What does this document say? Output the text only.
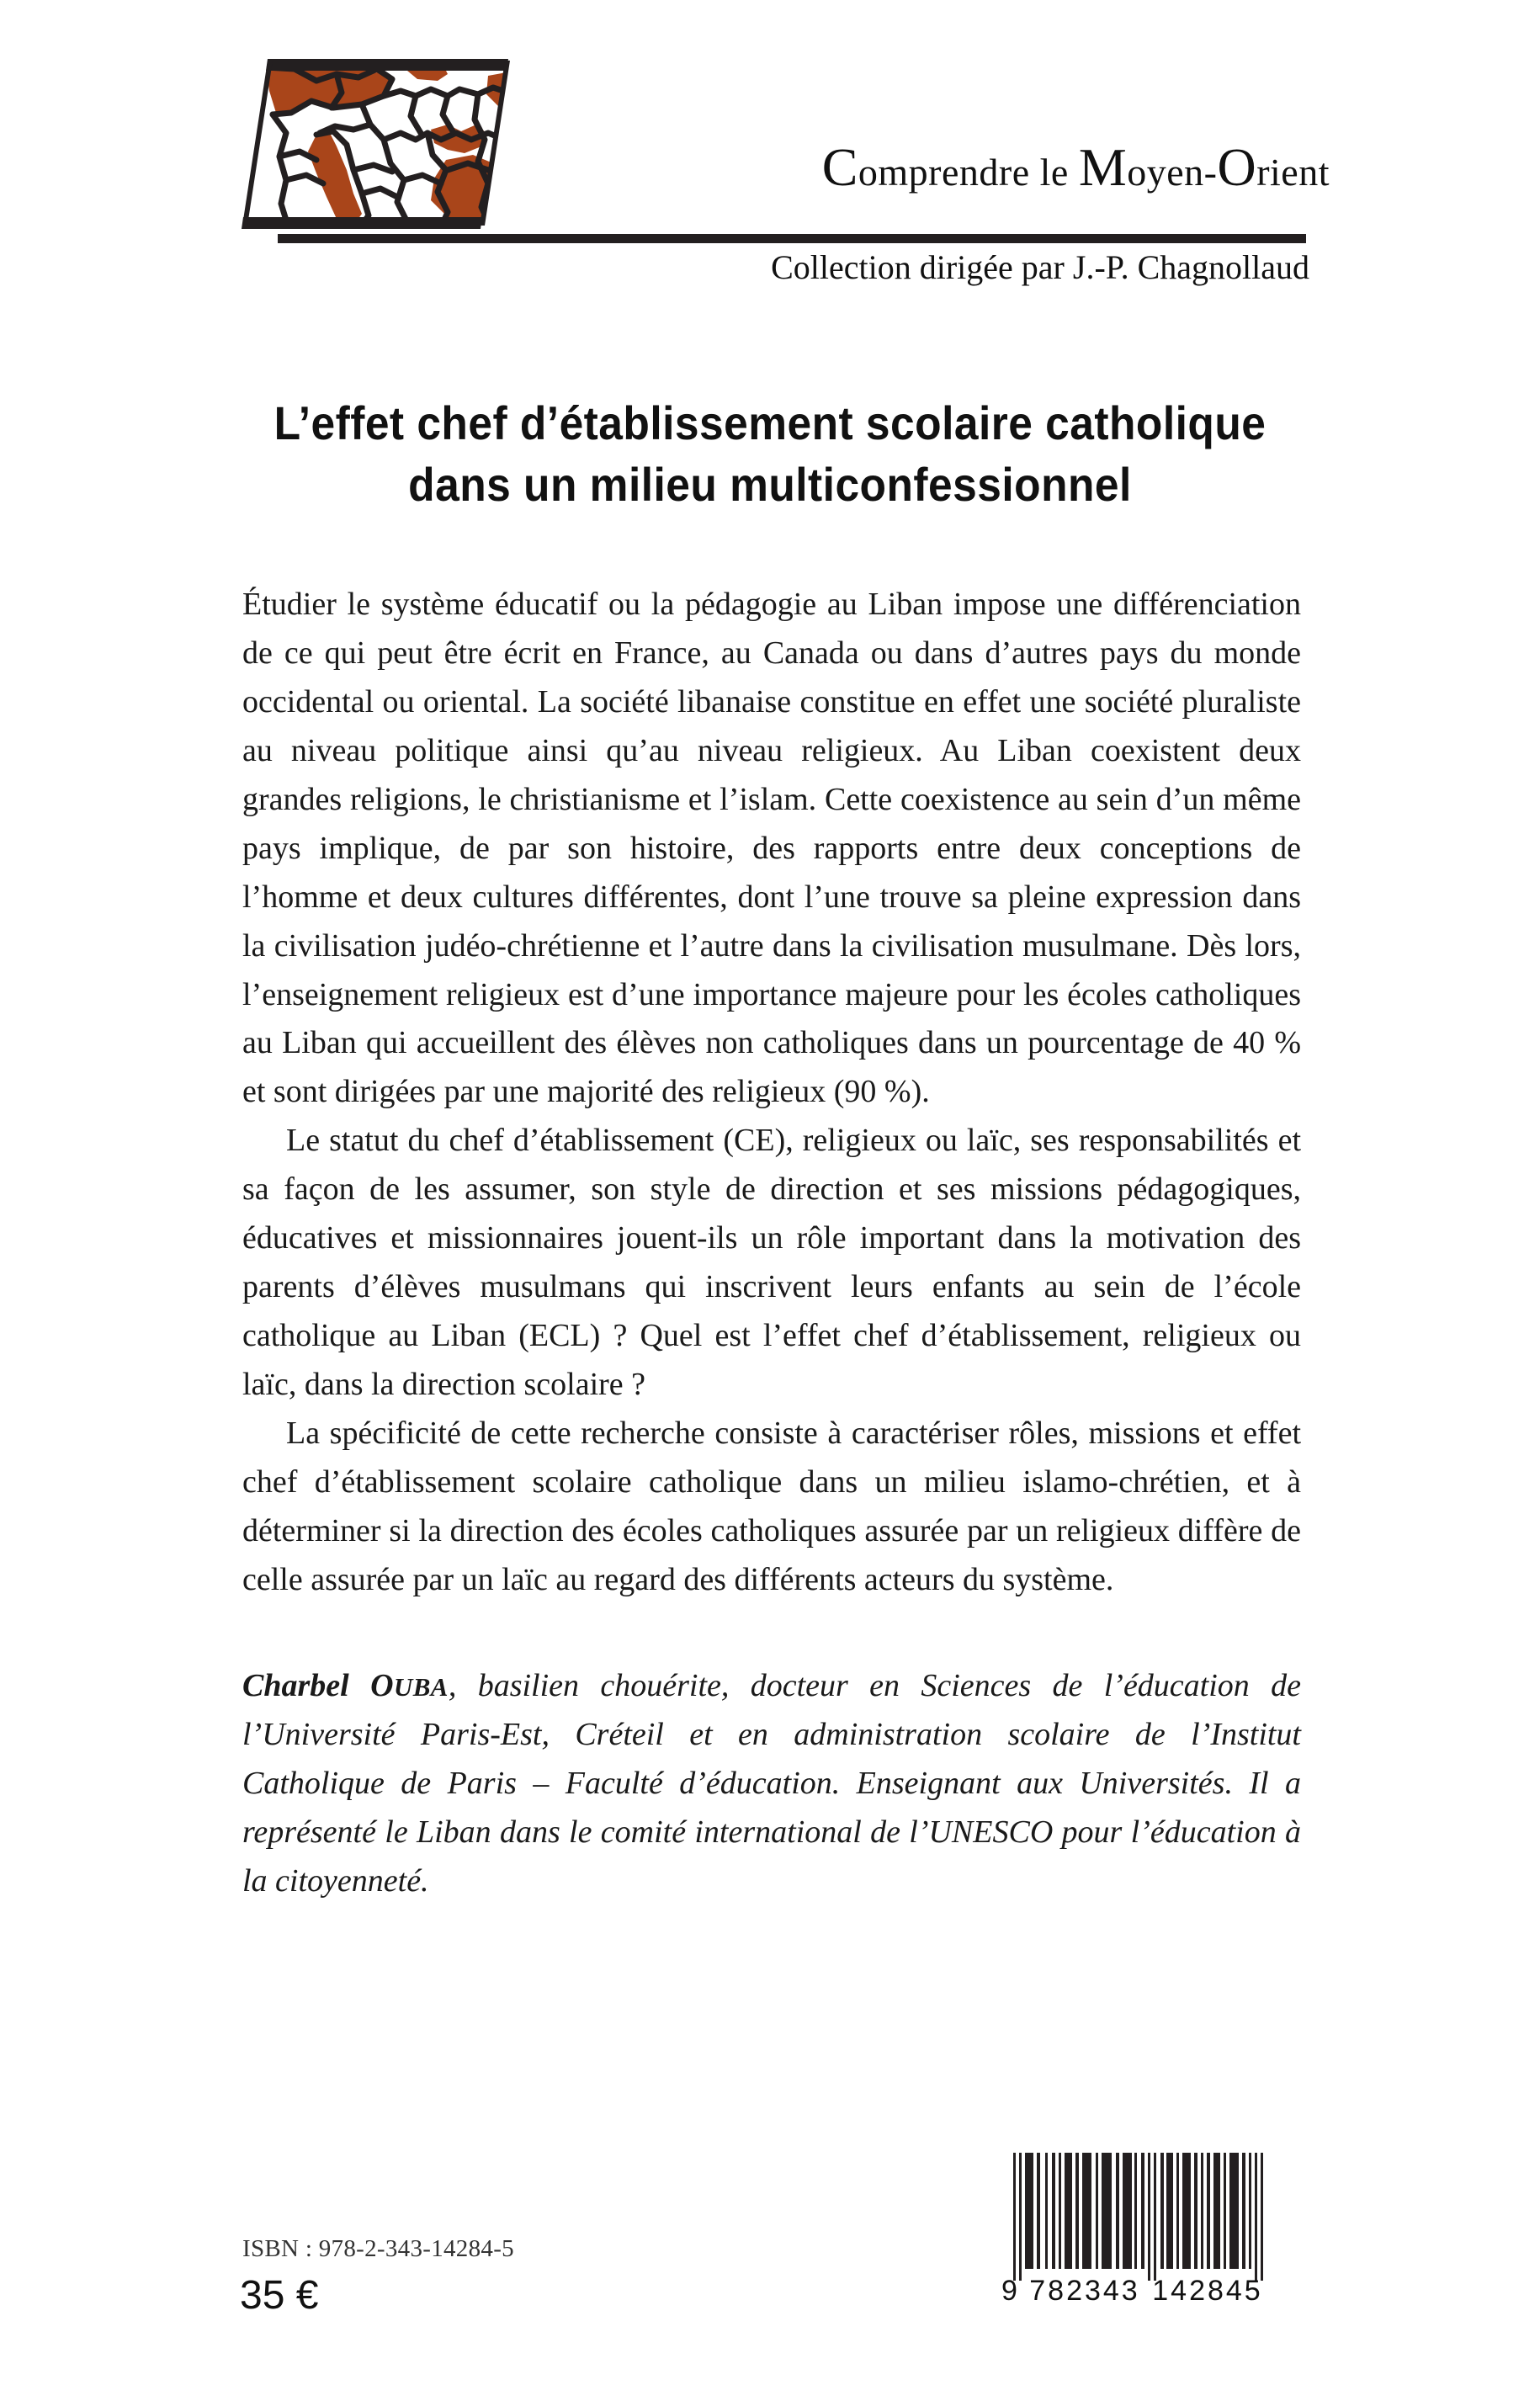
Comprendre le Moyen-Orient
Collection dirigée par J.-P. Chagnollaud
L’effet chef d’établissement scolaire catholique
dans un milieu multiconfessionnel

Étudier le système éducatif ou la pédagogie au Liban impose une différenciation de ce qui peut être écrit en France, au Canada ou dans d’autres pays du monde occidental ou oriental. La société libanaise constitue en effet une société pluraliste au niveau politique ainsi qu’au niveau religieux. Au Liban coexistent deux grandes religions, le christianisme et l’islam. Cette coexistence au sein d’un même pays implique, de par son histoire, des rapports entre deux conceptions de l’homme et deux cultures différentes, dont l’une trouve sa pleine expression dans la civilisation judéo-chrétienne et l’autre dans la civilisation musulmane. Dès lors, l’enseignement religieux est d’une importance majeure pour les écoles catholiques au Liban qui accueillent des élèves non catholiques dans un pourcentage de 40 % et sont dirigées par une majorité des religieux (90 %).

Le statut du chef d’établissement (CE), religieux ou laïc, ses responsabilités et sa façon de les assumer, son style de direction et ses missions pédagogiques, éducatives et missionnaires jouent-ils un rôle important dans la motivation des parents d’élèves musulmans qui inscrivent leurs enfants au sein de l’école catholique au Liban (ECL) ? Quel est l’effet chef d’établissement, religieux ou laïc, dans la direction scolaire ?

La spécificité de cette recherche consiste à caractériser rôles, missions et effet chef d’établissement scolaire catholique dans un milieu islamo-chrétien, et à déterminer si la direction des écoles catholiques assurée par un religieux diffère de celle assurée par un laïc au regard des différents acteurs du système.

Charbel OUBA, basilien chouérite, docteur en Sciences de l’éducation de l’Université Paris-Est, Créteil et en administration scolaire de l’Institut Catholique de Paris – Faculté d’éducation. Enseignant aux Universités. Il a représenté le Liban dans le comité international de l’UNESCO pour l’éducation à la citoyenneté.

ISBN : 978-2-343-14284-5
35 €	9 782343 142845
